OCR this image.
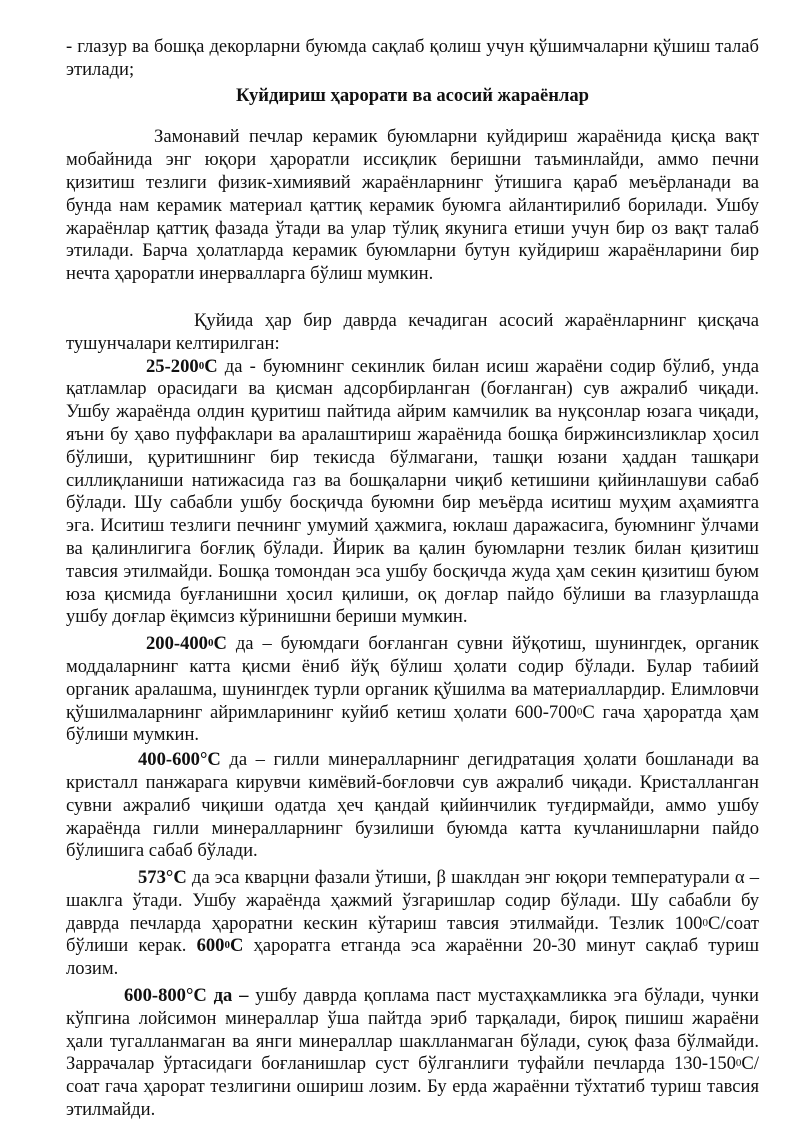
- глазур ва бошқа декорларни буюмда сақлаб қолиш учун қўшимчаларни қўшиш талаб этилади;

Куйдириш ҳарорати ва асосий жараёнлар

Замонавий печлар керамик буюмларни куйдириш жараёнида қисқа вақт мобайнида энг юқори ҳароратли иссиқлик беришни таъминлайди, аммо печни қизитиш тезлиги физик-химиявий жараёнларнинг ўтишига қараб меъёрланади ва бунда нам керамик материал қаттиқ керамик буюмга айлантирилиб борилади. Ушбу жараёнлар қаттиқ фазада ўтади ва улар тўлиқ якунига етиши учун бир оз вақт талаб этилади. Барча ҳолатларда керамик буюмларни бутун куйдириш жараёнларини бир нечта ҳароратли инервалларга бўлиш мумкин.

Қуйида ҳар бир даврда кечадиган асосий жараёнларнинг қисқача тушунчалари келтирилган:

$25-200^0С$ да - буюмнинг секинлик билан исиш жараёни содир бўлиб, унда қатламлар орасидаги ва қисман адсорбирланган (боғланган) сув ажралиб чиқади. Ушбу жараёнда олдин қуритиш пайтида айрим камчилик ва нуқсонлар юзага чиқади, яъни бу ҳаво пуффаклари ва аралаштириш жараёнида бошқа биржинсизликлар ҳосил бўлиши, қуритишнинг бир текисда бўлмагани, ташқи юзани ҳаддан ташқари силлиқланиши натижасида газ ва бошқаларни чиқиб кетишини қийинлашуви сабаб бўлади. Шу сабабли ушбу босқичда буюмни бир меъёрда иситиш муҳим аҳамиятга эга. Иситиш тезлиги печнинг умумий ҳажмига, юклаш даражасига, буюмнинг ўлчами ва қалинлигига боғлиқ бўлади. Йирик ва қалин буюмларни тезлик билан қизитиш тавсия этилмайди. Бошқа томондан эса ушбу босқичда жуда ҳам секин қизитиш буюм юза қисмида буғланишни ҳосил қилиши, оқ доғлар пайдо бўлиши ва глазурлашда ушбу доғлар ёқимсиз кўринишни бериши мумкин.

$200-400^0С$ да – буюмдаги боғланган сувни йўқотиш, шунингдек, органик моддаларнинг катта қисми ёниб йўқ бўлиш ҳолати содир бўлади. Булар табиий органик аралашма, шунингдек турли органик қўшилма ва материаллардир. Елимловчи қўшилмаларнинг айримларининг куйиб кетиш ҳолати $600-700^0С$ гача ҳароратда ҳам бўлиши мумкин.

400-600°С да – гилли минералларнинг дегидратация ҳолати бошланади ва кристалл панжарага кирувчи кимёвий-боғловчи сув ажралиб чиқади. Кристалланган сувни ажралиб чиқиши одатда ҳеч қандай қийинчилик туғдирмайди, аммо ушбу жараёнда гилли минералларнинг бузилиши буюмда катта кучланишларни пайдо бўлишига сабаб бўлади.

573°С да эса кварцни фазали ўтиши, β шаклдан энг юқори температурали α – шаклга ўтади. Ушбу жараёнда ҳажмий ўзгаришлар содир бўлади. Шу сабабли бу даврда печларда ҳароратни кескин кўтариш тавсия этилмайди. Тезлик $100^0С$/соат бўлиши керак. $600^0С$ ҳароратга етганда эса жараённи 20-30 минут сақлаб туриш лозим.

600-800°С да – ушбу даврда қоплама паст мустаҳкамликка эга бўлади, чунки кўпгина лойсимон минераллар ўша пайтда эриб тарқалади, бироқ пишиш жараёни ҳали тугалланмаган ва янги минераллар шаклланмаган бўлади, суюқ фаза бўлмайди. Заррачалар ўртасидаги боғланишлар суст бўлганлиги туфайли печларда $130-150^0С$/соат гача ҳарорат тезлигини ошириш лозим. Бу ерда жараённи тўхтатиб туриш тавсия этилмайди.
